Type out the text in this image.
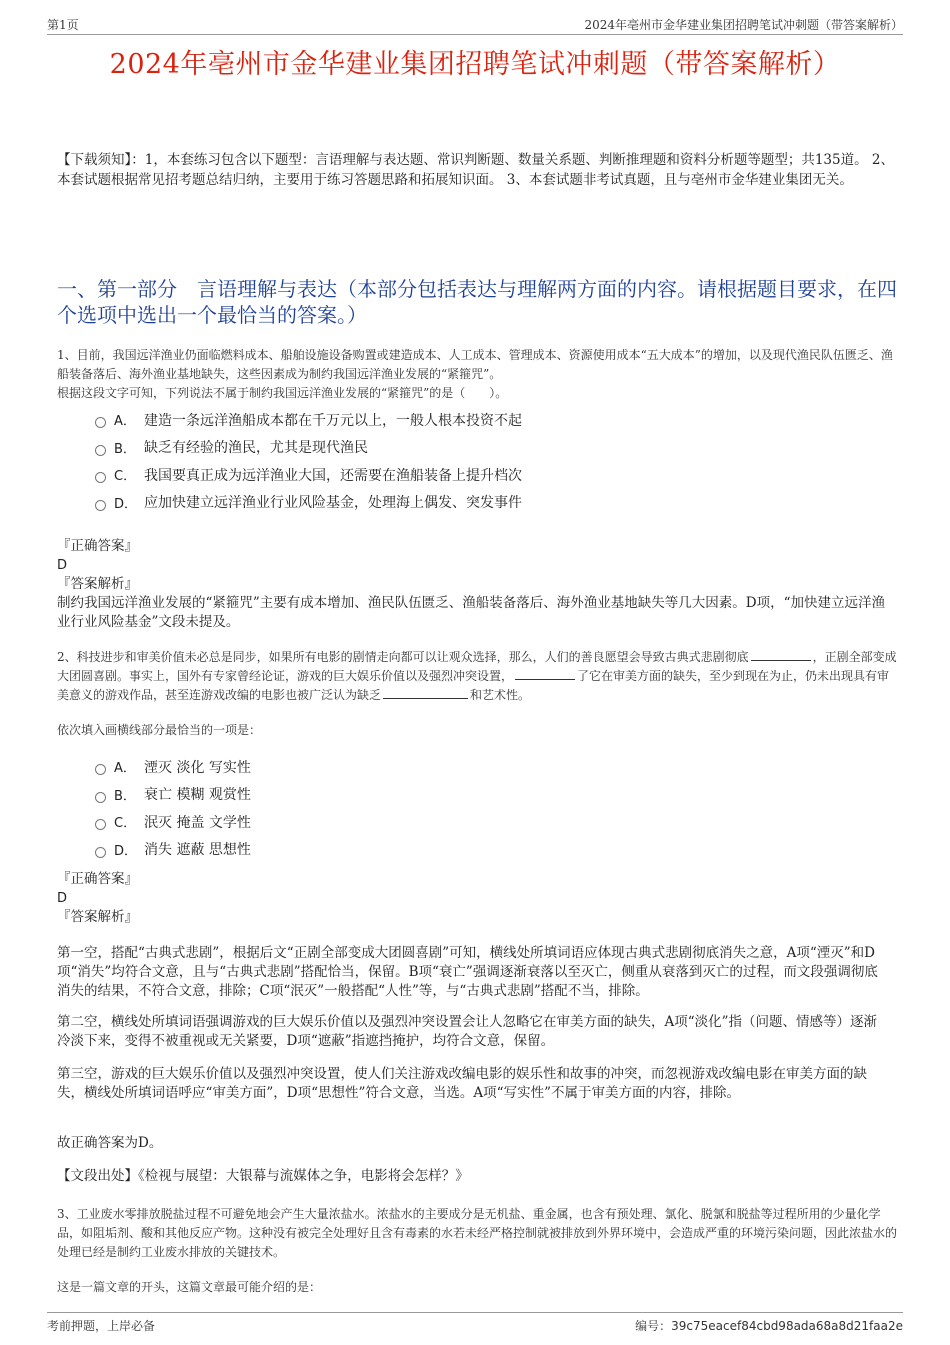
第1页	2024年亳州市金华建业集团招聘笔试冲刺题（带答案解析）
2024年亳州市金华建业集团招聘笔试冲刺题（带答案解析）
【下载须知】：1，本套练习包含以下题型：言语理解与表达题、常识判断题、数量关系题、判断推理题和资料分析题等题型；共135道。 2、本套试题根据常见招考题总结归纳，主要用于练习答题思路和拓展知识面。 3、本套试题非考试真题，且与亳州市金华建业集团无关。
一、第一部分　言语理解与表达（本部分包括表达与理解两方面的内容。请根据题目要求，在四个选项中选出一个最恰当的答案。）
1、目前，我国远洋渔业仍面临燃料成本、船舶设施设备购置或建造成本、人工成本、管理成本、资源使用成本“五大成本”的增加，以及现代渔民队伍匮乏、渔船装备落后、海外渔业基地缺失，这些因素成为制约我国远洋渔业发展的“紧箍咒”。
根据这段文字可知，下列说法不属于制约我国远洋渔业发展的“紧箍咒”的是（　　）。
A． 建造一条远洋渔船成本都在千万元以上，一般人根本投资不起
B． 缺乏有经验的渔民，尤其是现代渔民
C． 我国要真正成为远洋渔业大国，还需要在渔船装备上提升档次
D． 应加快建立远洋渔业行业风险基金，处理海上偶发、突发事件
『正确答案』
D
『答案解析』
制约我国远洋渔业发展的“紧箍咒”主要有成本增加、渔民队伍匮乏、渔船装备落后、海外渔业基地缺失等几大因素。D项，“加快建立远洋渔业行业风险基金”文段未提及。
2、科技进步和审美价值未必总是同步，如果所有电影的剧情走向都可以让观众选择，那么，人们的善良愿望会导致古典式悲剧彻底	，正剧全部变成大团圆喜剧。事实上，国外有专家曾经论证，游戏的巨大娱乐价值以及强烈冲突设置，	了它在审美方面的缺失，至少到现在为止，仍未出现具有审美意义的游戏作品，甚至连游戏改编的电影也被广泛认为缺乏	和艺术性。
依次填入画横线部分最恰当的一项是：
A． 湮灭 淡化 写实性
B． 衰亡 模糊 观赏性
C． 泯灭 掩盖 文学性
D． 消失 遮蔽 思想性
『正确答案』
D
『答案解析』
第一空，搭配“古典式悲剧”，根据后文“正剧全部变成大团圆喜剧”可知，横线处所填词语应体现古典式悲剧彻底消失之意，A项“湮灭”和D项“消失”均符合文意，且与“古典式悲剧”搭配恰当，保留。B项“衰亡”强调逐渐衰落以至灭亡，侧重从衰落到灭亡的过程，而文段强调彻底消失的结果，不符合文意，排除；C项“泯灭”一般搭配“人性”等，与“古典式悲剧”搭配不当，排除。
第二空，横线处所填词语强调游戏的巨大娱乐价值以及强烈冲突设置会让人忽略它在审美方面的缺失，A项“淡化”指（问题、情感等）逐渐冷淡下来，变得不被重视或无关紧要，D项“遮蔽”指遮挡掩护，均符合文意，保留。
第三空，游戏的巨大娱乐价值以及强烈冲突设置，使人们关注游戏改编电影的娱乐性和故事的冲突，而忽视游戏改编电影在审美方面的缺失，横线处所填词语呼应“审美方面”，D项“思想性”符合文意，当选。A项“写实性”不属于审美方面的内容，排除。
故正确答案为D。
【文段出处】《检视与展望：大银幕与流媒体之争，电影将会怎样？》
3、工业废水零排放脱盐过程不可避免地会产生大量浓盐水。浓盐水的主要成分是无机盐、重金属，也含有预处理、氯化、脱氯和脱盐等过程所用的少量化学品，如阻垢剂、酸和其他反应产物。这种没有被完全处理好且含有毒素的水若未经严格控制就被排放到外界环境中，会造成严重的环境污染问题，因此浓盐水的处理已经是制约工业废水排放的关键技术。
这是一篇文章的开头，这篇文章最可能介绍的是：
考前押题，上岸必备	编号：39c75eacef84cbd98ada68a8d21faa2e
